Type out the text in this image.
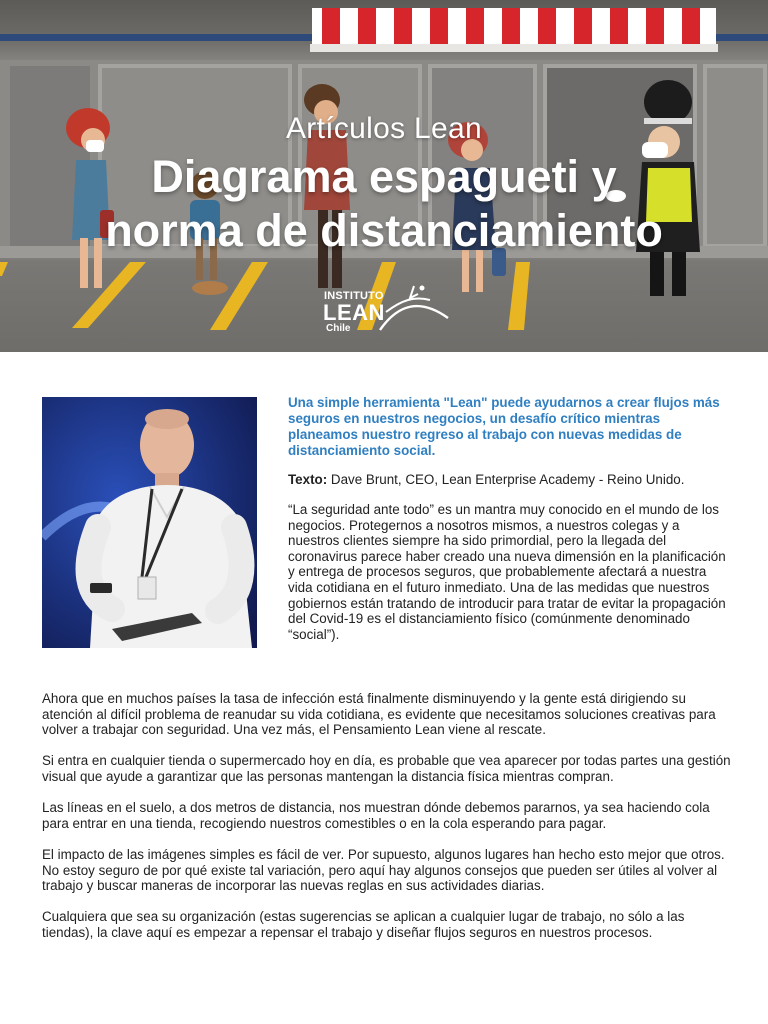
Artículos Lean
Diagrama espagueti y
norma de distanciamiento
INSTITUTO
LEAN
Chile
Una simple herramienta "Lean" puede ayudarnos a crear flujos más seguros en nuestros negocios, un desafío crítico mientras planeamos nuestro regreso al trabajo con nuevas medidas de distanciamiento social.
Texto: Dave Brunt, CEO, Lean Enterprise Academy - Reino Unido.
“La seguridad ante todo” es un mantra muy conocido en el mundo de los negocios. Protegernos a nosotros mismos, a nuestros colegas y a nuestros clientes siempre ha sido primordial, pero la llegada del coronavirus parece haber creado una nueva dimensión en la planificación y entrega de procesos seguros, que probablemente afectará a nuestra vida cotidiana en el futuro inmediato. Una de las medidas que nuestros gobiernos están tratando de introducir para tratar de evitar la propagación del Covid-19 es el distanciamiento físico (comúnmente denominado “social”).

Ahora que en muchos países la tasa de infección está finalmente disminuyendo y la gente está dirigiendo su atención al difícil problema de reanudar su vida cotidiana, es evidente que necesitamos soluciones creativas para volver a trabajar con seguridad. Una vez más, el Pensamiento Lean viene al rescate.

Si entra en cualquier tienda o supermercado hoy en día, es probable que vea aparecer por todas partes una gestión visual que ayude a garantizar que las personas mantengan la distancia física mientras compran.

Las líneas en el suelo, a dos metros de distancia, nos muestran dónde debemos pararnos, ya sea haciendo cola para entrar en una tienda, recogiendo nuestros comestibles o en la cola esperando para pagar.

El impacto de las imágenes simples es fácil de ver. Por supuesto, algunos lugares han hecho esto mejor que otros. No estoy seguro de por qué existe tal variación, pero aquí hay algunos consejos que pueden ser útiles al volver al trabajo y buscar maneras de incorporar las nuevas reglas en sus actividades diarias.

Cualquiera que sea su organización (estas sugerencias se aplican a cualquier lugar de trabajo, no sólo a las tiendas), la clave aquí es empezar a repensar el trabajo y diseñar flujos seguros en nuestros procesos.
